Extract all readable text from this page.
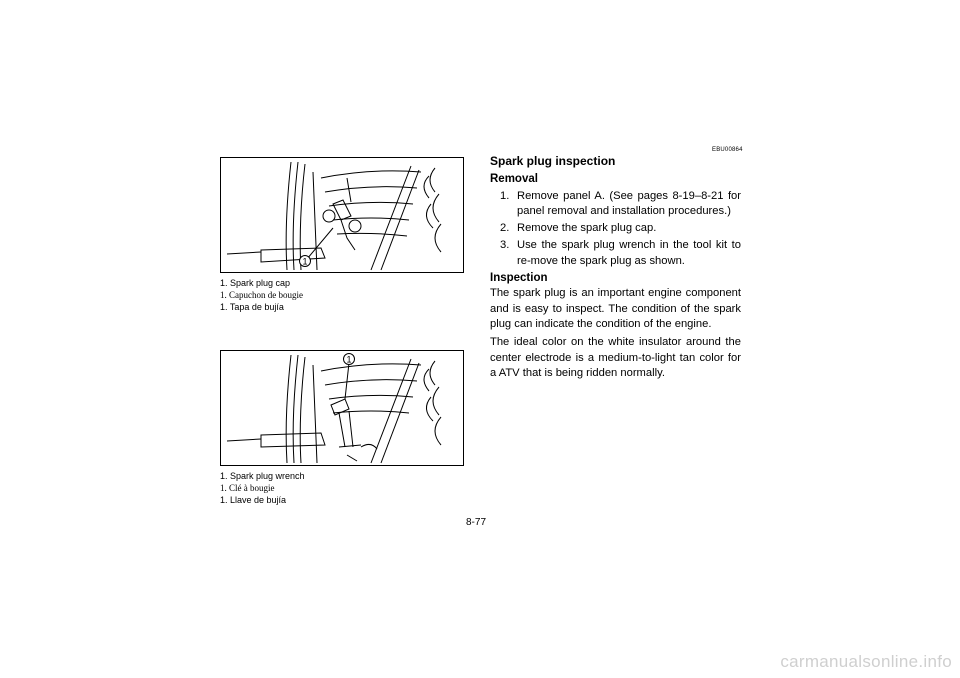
1
1. Spark plug cap
1. Capuchon de bougie
1. Tapa de bujía
1
1. Spark plug wrench
1. Clé à bougie
1. Llave de bujía
EBU00864
Spark plug inspection
Removal
1. Remove panel A. (See pages 8-19–8-21 for panel removal and installation procedures.)
2. Remove the spark plug cap.
3. Use the spark plug wrench in the tool kit to re-move the spark plug as shown.
Inspection

The spark plug is an important engine component and is easy to inspect. The condition of the spark plug can indicate the condition of the engine.

The ideal color on the white insulator around the center electrode is a medium-to-light tan color for a ATV that is being ridden normally.

8-77
carmanualsonline.info
